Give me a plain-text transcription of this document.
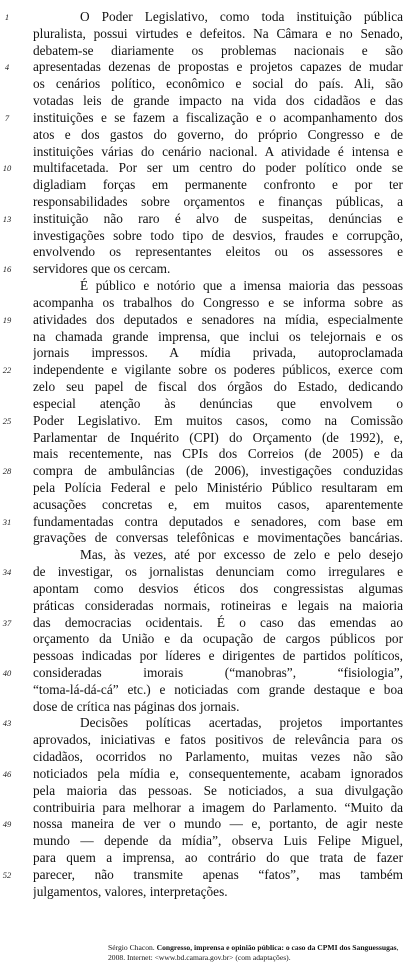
1	O Poder Legislativo, como toda instituição pública
pluralista, possui virtudes e defeitos. Na Câmara e no Senado,
debatem-se diariamente os problemas nacionais e são
4	apresentadas dezenas de propostas e projetos capazes de mudar
os cenários político, econômico e social do país. Ali, são
votadas leis de grande impacto na vida dos cidadãos e das
7	instituições e se fazem a fiscalização e o acompanhamento dos
atos e dos gastos do governo, do próprio Congresso e de
instituições várias do cenário nacional. A atividade é intensa e
10 multifacetada. Por ser um centro do poder político onde se
digladiam forças em permanente confronto e por ter
responsabilidades sobre orçamentos e finanças públicas, a
13 instituição não raro é alvo de suspeitas, denúncias e
investigações sobre todo tipo de desvios, fraudes e corrupção,
envolvendo os representantes eleitos ou os assessores e
16 servidores que os cercam.
É público e notório que a imensa maioria das pessoas
acompanha os trabalhos do Congresso e se informa sobre as
19 atividades dos deputados e senadores na mídia, especialmente
na chamada grande imprensa, que inclui os telejornais e os
jornais impressos. A mídia privada, autoproclamada
22 independente e vigilante sobre os poderes públicos, exerce com
zelo seu papel de fiscal dos órgãos do Estado, dedicando
especial atenção às denúncias que envolvem o
25 Poder Legislativo. Em muitos casos, como na Comissão
Parlamentar de Inquérito (CPI) do Orçamento (de 1992), e,
mais recentemente, nas CPIs dos Correios (de 2005) e da
28 compra de ambulâncias (de 2006), investigações conduzidas
pela Polícia Federal e pelo Ministério Público resultaram em
acusações concretas e, em muitos casos, aparentemente
31 fundamentadas contra deputados e senadores, com base em
gravações de conversas telefônicas e movimentações bancárias.
Mas, às vezes, até por excesso de zelo e pelo desejo
34 de investigar, os jornalistas denunciam como irregulares e
apontam como desvios éticos dos congressistas algumas
práticas consideradas normais, rotineiras e legais na maioria
37 das democracias ocidentais. É o caso das emendas ao
orçamento da União e da ocupação de cargos públicos por
pessoas indicadas por líderes e dirigentes de partidos políticos,
40 consideradas imorais (“manobras”, “fisiologia”,
“toma-lá-dá-cá” etc.) e noticiadas com grande destaque e boa
dose de crítica nas páginas dos jornais.
43	Decisões políticas acertadas, projetos importantes
aprovados, iniciativas e fatos positivos de relevância para os
cidadãos, ocorridos no Parlamento, muitas vezes não são
46 noticiados pela mídia e, consequentemente, acabam ignorados
pela maioria das pessoas. Se noticiados, a sua divulgação
contribuiria para melhorar a imagem do Parlamento. “Muito da
49 nossa maneira de ver o mundo — e, portanto, de agir neste
mundo — depende da mídia”, observa Luis Felipe Miguel,
para quem a imprensa, ao contrário do que trata de fazer
52 parecer, não transmite apenas “fatos”, mas também
julgamentos, valores, interpretações.
Sérgio Chacon. Congresso, imprensa e opinião pública: o caso da CPMI dos Sanguessugas, 2008. Internet: <www.bd.camara.gov.br> (com adaptações).
